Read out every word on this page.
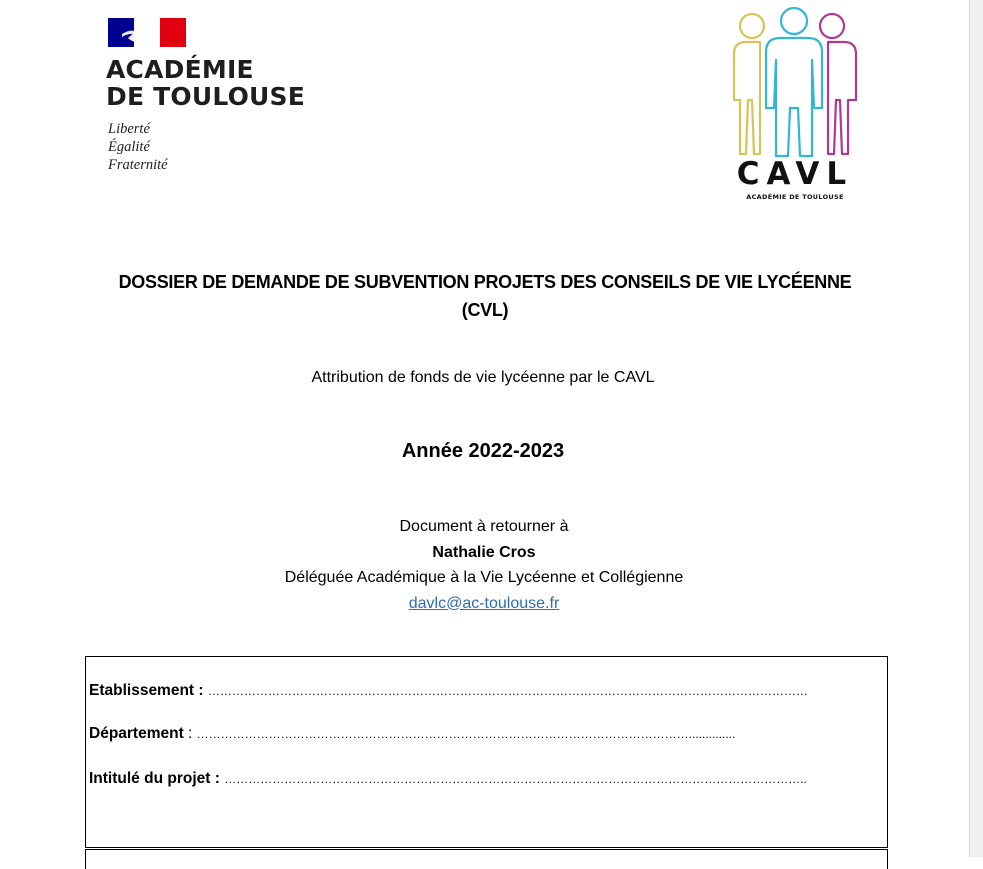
ACADÉMIE
DE TOULOUSE
Liberté
Égalité
Fraternité	CAVL
ACADÉMIE DE TOULOUSE
DOSSIER DE DEMANDE DE SUBVENTION PROJETS DES CONSEILS DE VIE LYCÉENNE
(CVL)
Attribution de fonds de vie lycéenne par le CAVL
Année 2022-2023
Document à retourner à
Nathalie Cros
Déléguée Académique à la Vie Lycéenne et Collégienne
davlc@ac-toulouse.fr
Etablissement : ……………………………………………………………………………………………………………………………………
Département : ……………………………………………………………………………………………………………..............
Intitulé du projet : ………………………………………………………………………………………………………………………………..
